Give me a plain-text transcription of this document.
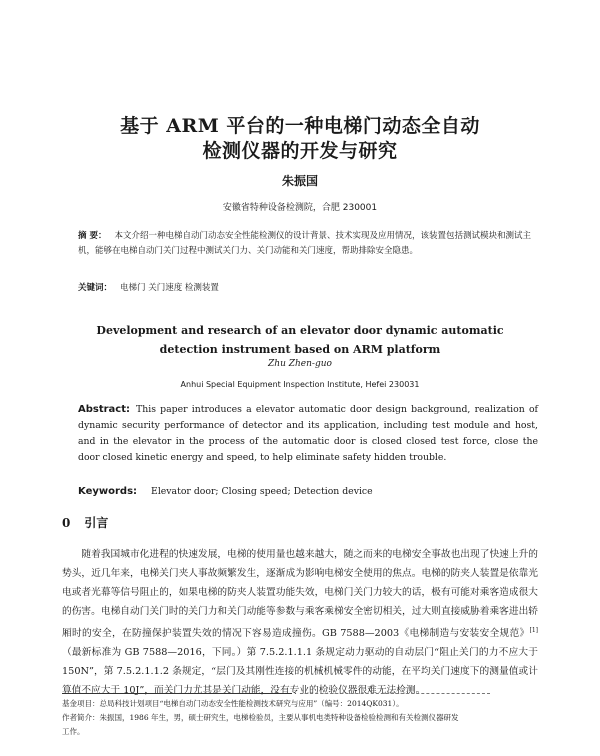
基于 ARM 平台的一种电梯门动态全自动
检测仪器的开发与研究
朱振国
安徽省特种设备检测院，合肥 230001
摘 要： 本文介绍一种电梯自动门动态安全性能检测仪的设计背景、技术实现及应用情况，该装置包括测试模块和测试主机，能够在电梯自动门关门过程中测试关门力、关门动能和关门速度，帮助排除安全隐患。
关键词： 电梯门 关门速度 检测装置
Development and research of an elevator door dynamic automatic
detection instrument based on ARM platform
Zhu Zhen-guo
Anhui Special Equipment Inspection Institute, Hefei 230031
Abstract: This paper introduces a elevator automatic door design background, realization of dynamic security performance of detector and its application, including test module and host, and in the elevator in the process of the automatic door is closed closed test force, close the door closed kinetic energy and speed, to help eliminate safety hidden trouble.
Keywords: Elevator door; Closing speed; Detection device
0 引言
随着我国城市化进程的快速发展，电梯的使用量也越来越大，随之而来的电梯安全事故也出现了快速上升的势头，近几年来，电梯关门夹人事故频繁发生，逐渐成为影响电梯安全使用的焦点。电梯的防夹人装置是依靠光电或者光幕等信号阻止的，如果电梯的防夹人装置功能失效，电梯门关门力较大的话，极有可能对乘客造成很大的伤害。电梯自动门关门时的关门力和关门动能等参数与乘客乘梯安全密切相关，过大则直接威胁着乘客进出轿厢时的安全，在防撞保护装置失效的情况下容易造成撞伤。GB 7588—2003《电梯制造与安装安全规范》[1]（最新标准为 GB 7588—2016，下同。）第 7.5.2.1.1.1 条规定动力驱动的自动层门“阻止关门的力不应大于 150N”，第 7.5.2.1.1.2 条规定，“层门及其刚性连接的机械机械零件的动能，在平均关门速度下的测量值或计算值不应大于 10J”，而关门力尤其是关门动能，没有专业的检验仪器很难无法检测。
基金项目：总局科技计划项目“电梯自动门动态安全性能检测技术研究与应用”（编号：2014QK031）。
作者简介：朱振国，1986 年生，男，硕士研究生，电梯检验员，主要从事机电类特种设备检验检测和有关检测仪器研发
工作。
